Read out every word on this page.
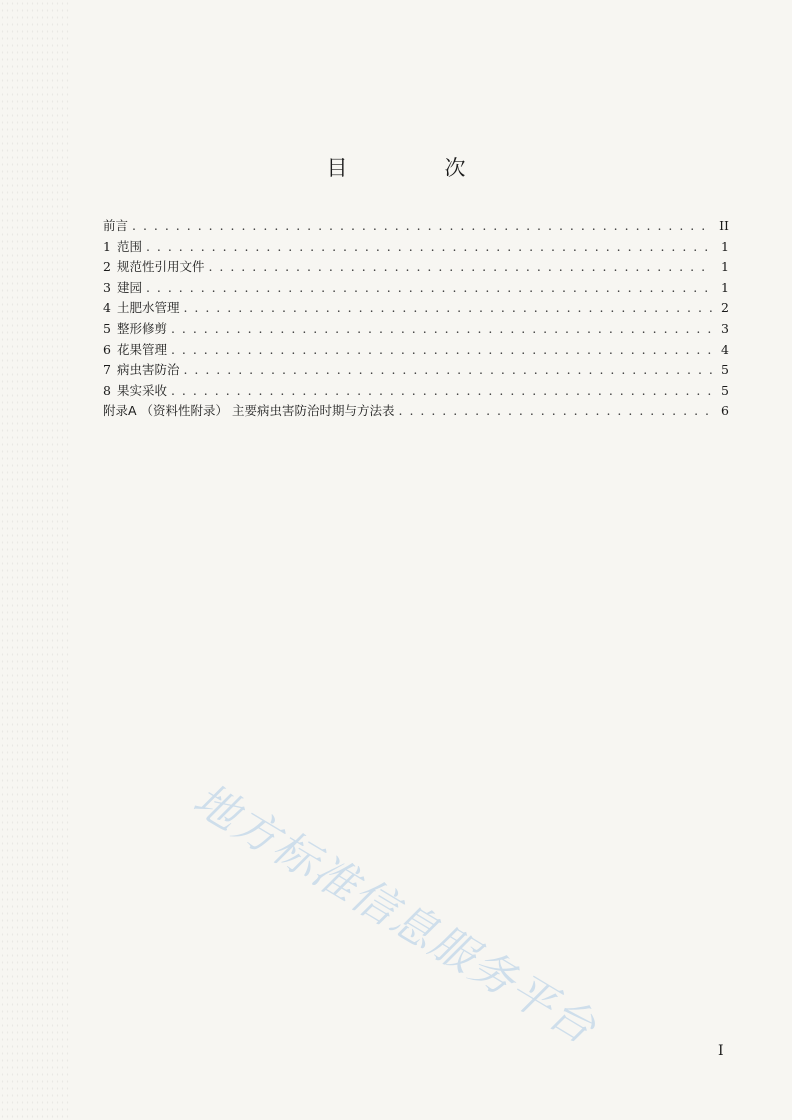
目　次
前言 . . .	II
1 范围 . . .	1
2 规范性引用文件 . . .	1
3 建园 . . .	1
4 土肥水管理 . . .	2
5 整形修剪 . . .	3
6 花果管理 . . .	4
7 病虫害防治 . . .	5
8 果实采收 . . .	5
附录A （资料性附录） 主要病虫害防治时期与方法表 . . .	6
地方标准信息服务平台	I
